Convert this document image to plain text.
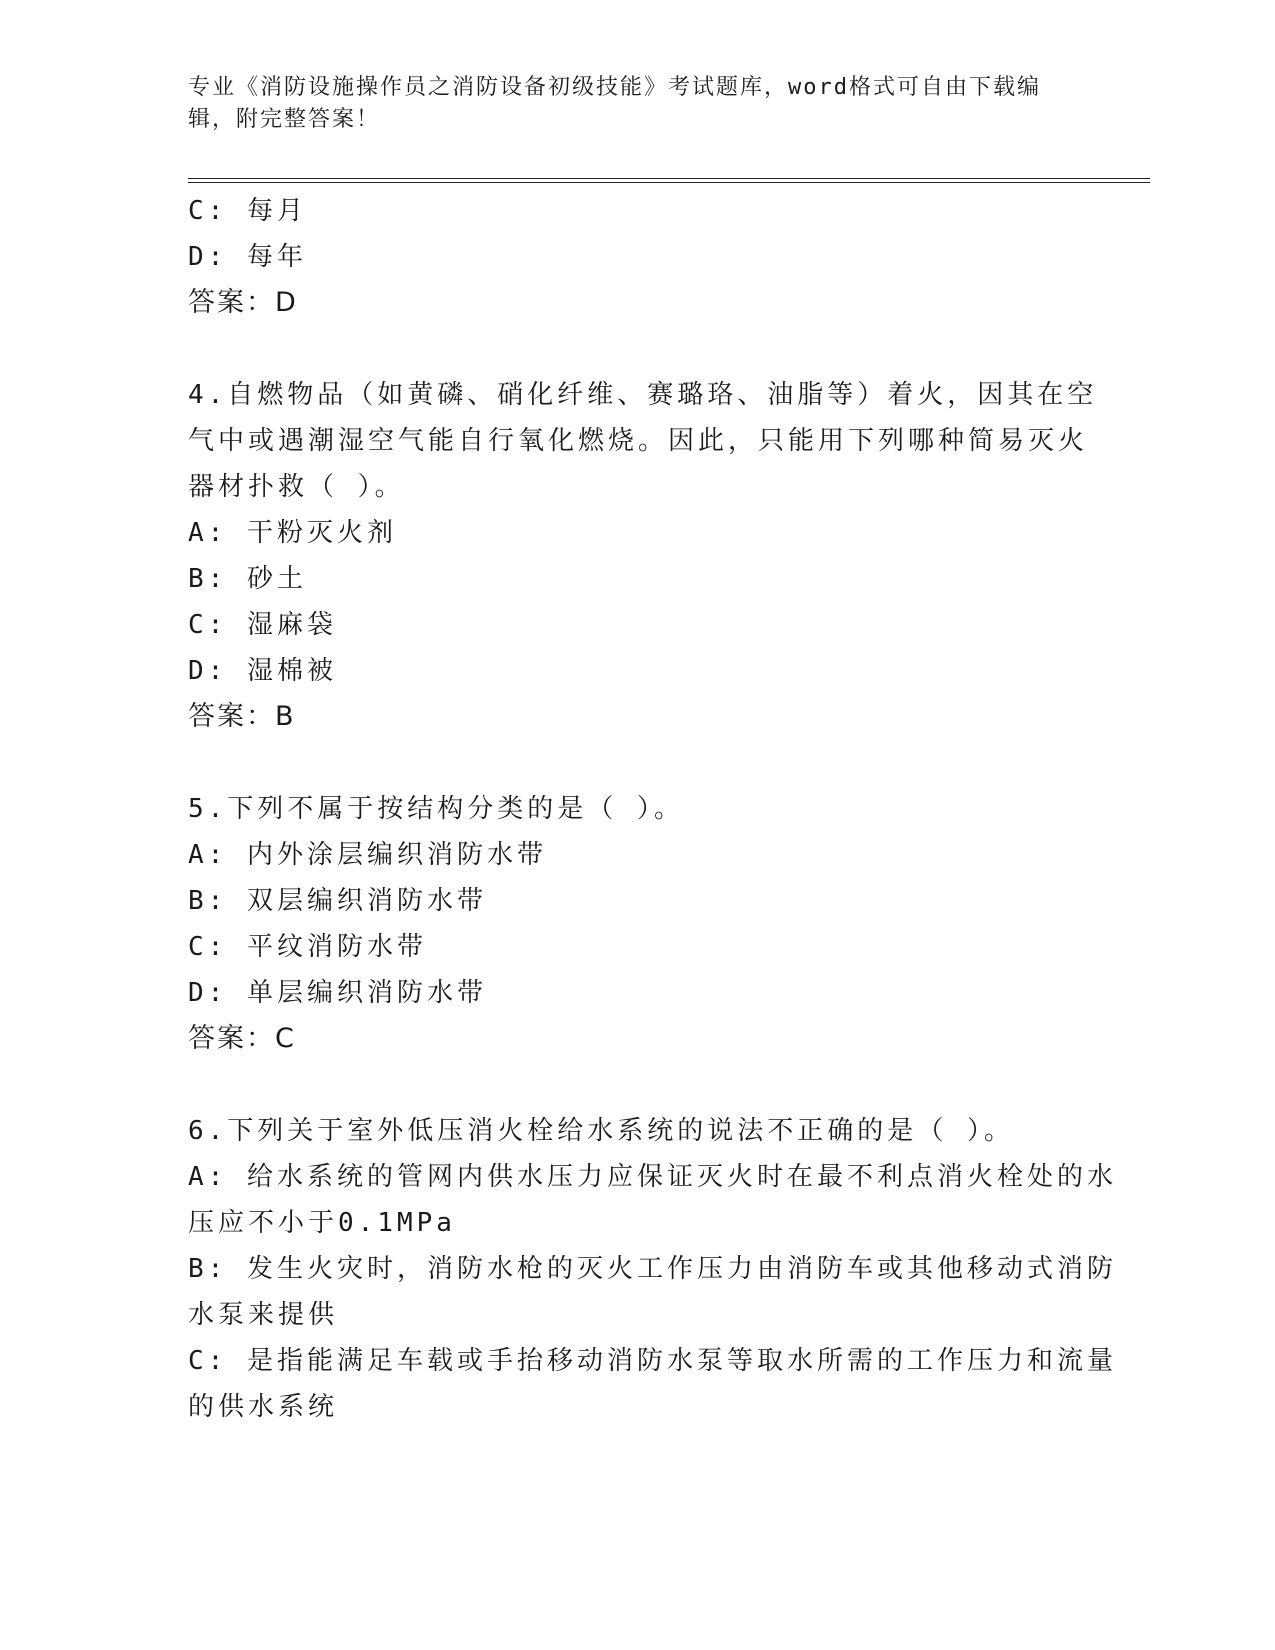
专业《消防设施操作员之消防设备初级技能》考试题库，word格式可自由下载编
辑，附完整答案！
C: 每月
D: 每年
答案：D
4.自燃物品（如黄磷、硝化纤维、赛璐珞、油脂等）着火，因其在空
气中或遇潮湿空气能自行氧化燃烧。因此，只能用下列哪种简易灭火
器材扑救（ ）。
A: 干粉灭火剂
B: 砂土
C: 湿麻袋
D: 湿棉被
答案：B
5.下列不属于按结构分类的是（ ）。
A: 内外涂层编织消防水带
B: 双层编织消防水带
C: 平纹消防水带
D: 单层编织消防水带
答案：C
6.下列关于室外低压消火栓给水系统的说法不正确的是（ ）。
A: 给水系统的管网内供水压力应保证灭火时在最不利点消火栓处的水
压应不小于0.1MPa
B: 发生火灾时，消防水枪的灭火工作压力由消防车或其他移动式消防
水泵来提供
C: 是指能满足车载或手抬移动消防水泵等取水所需的工作压力和流量
的供水系统
